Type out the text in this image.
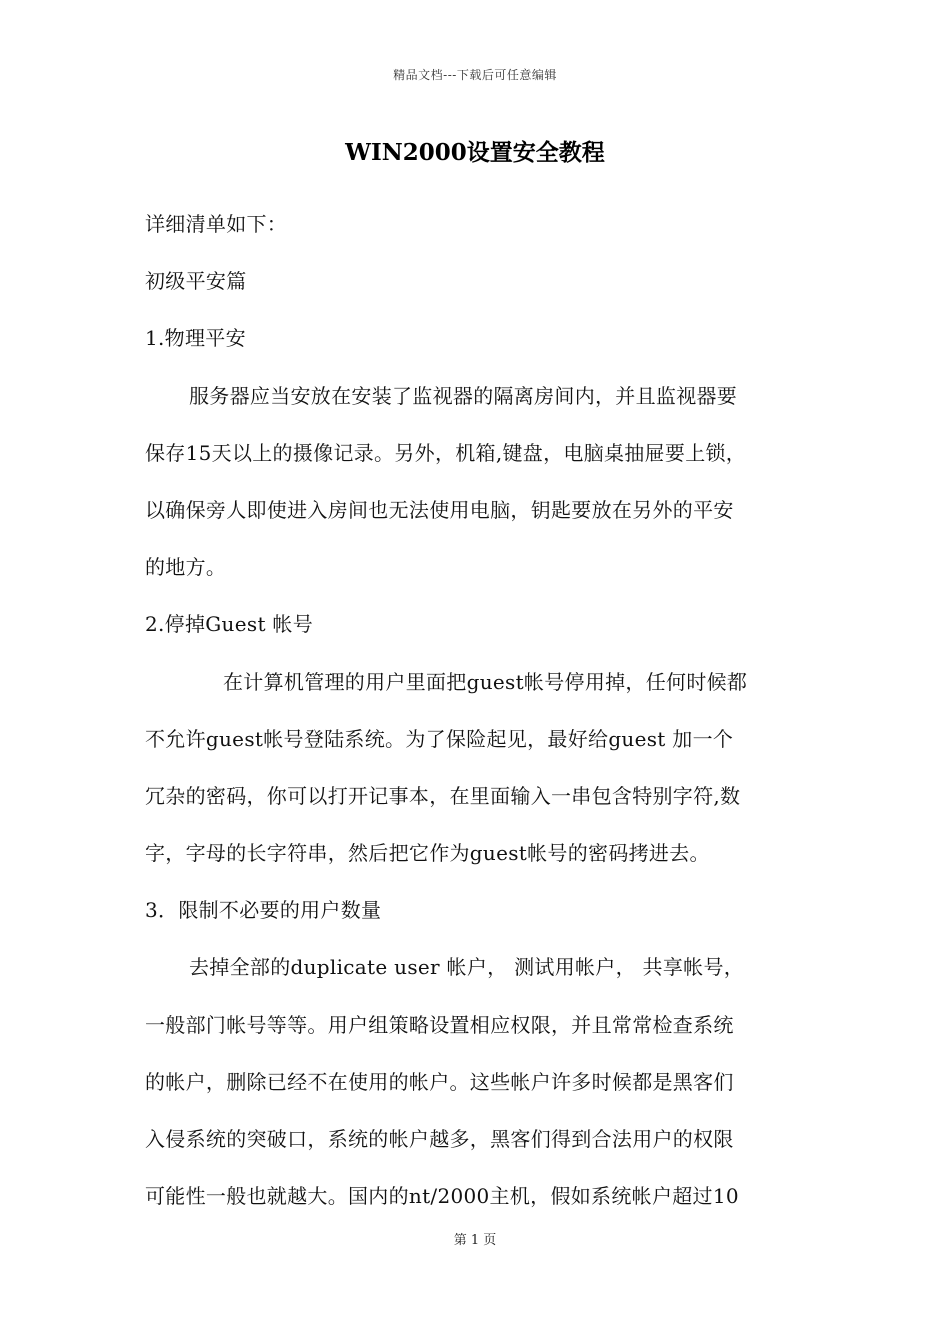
精品文档---下载后可任意编辑
WIN2000设置安全教程
详细清单如下：
初级平安篇
1.物理平安
服务器应当安放在安装了监视器的隔离房间内，并且监视器要
保存15天以上的摄像记录。另外，机箱,键盘，电脑桌抽屉要上锁，
以确保旁人即使进入房间也无法使用电脑，钥匙要放在另外的平安
的地方。
2.停掉Guest 帐号
在计算机管理的用户里面把guest帐号停用掉，任何时候都
不允许guest帐号登陆系统。为了保险起见，最好给guest 加一个
冗杂的密码，你可以打开记事本，在里面输入一串包含特别字符,数
字，字母的长字符串，然后把它作为guest帐号的密码拷进去。
3．限制不必要的用户数量
去掉全部的duplicate user 帐户， 测试用帐户， 共享帐号，
一般部门帐号等等。用户组策略设置相应权限，并且常常检查系统
的帐户，删除已经不在使用的帐户。这些帐户许多时候都是黑客们
入侵系统的突破口，系统的帐户越多，黑客们得到合法用户的权限
可能性一般也就越大。国内的nt/2000主机，假如系统帐户超过10
第 1 页
